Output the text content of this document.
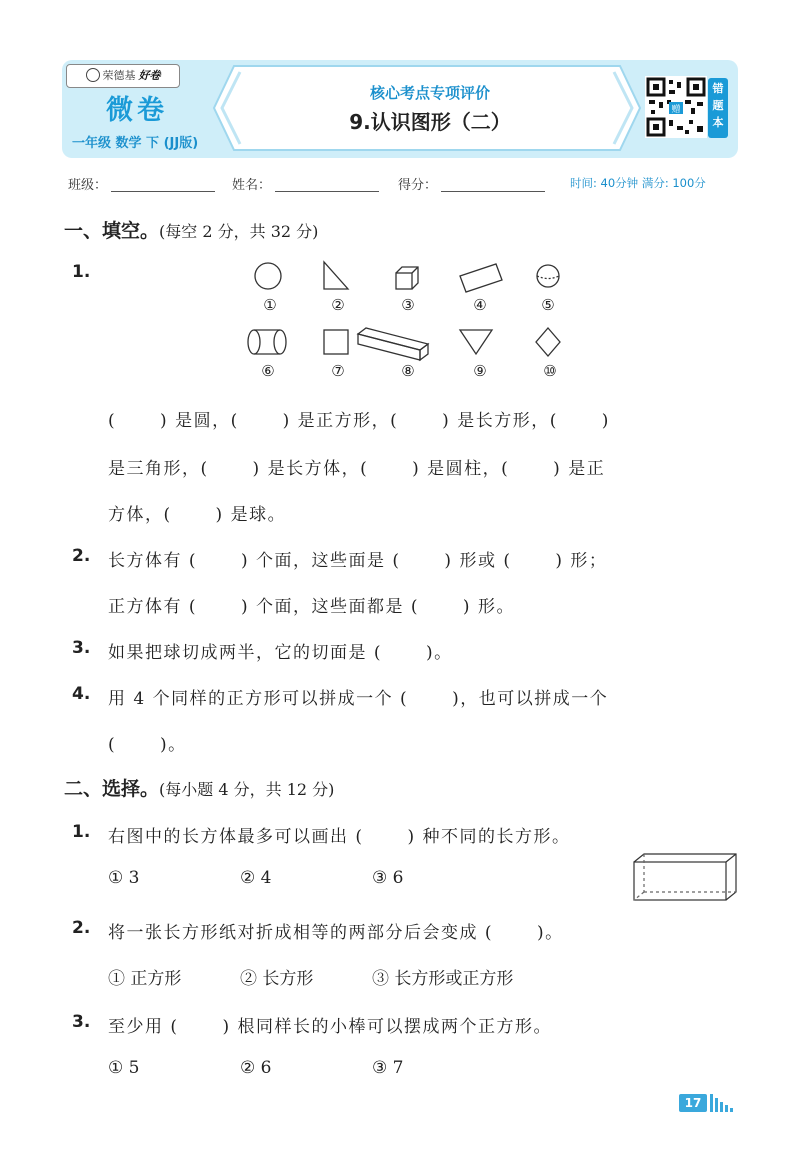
荣德基 好卷
微卷
一年级 数学 下 (JJ版)
核心考点专项评价
9.认识图形（二）	赠
错
题
本
班级：	姓名：	得分：	时间: 40分钟 满分: 100分
一、填空。(每空 2 分，共 32 分)
1.
①	②	③	④	⑤
⑥	⑦	⑧	⑨	⑩
(　　 ) 是圆，(　　 ) 是正方形，(　　 ) 是长方形，(　　 )
是三角形，(　　 ) 是长方体，(　　 ) 是圆柱，(　　 ) 是正
方体，(　　 ) 是球。
2. 长方体有 (　　 ) 个面，这些面是 (　　 ) 形或 (　　 ) 形；
正方体有 (　　 ) 个面，这些面都是 (　　 ) 形。
3. 如果把球切成两半，它的切面是 (　　 )。
4. 用 4 个同样的正方形可以拼成一个 (　　 )，也可以拼成一个
(　　 )。
二、选择。(每小题 4 分，共 12 分)
1. 右图中的长方体最多可以画出 (　　 ) 种不同的长方形。
① 3	② 4	③ 6
2. 将一张长方形纸对折成相等的两部分后会变成 (　　 )。
① 正方形	② 长方形	③ 长方形或正方形
3. 至少用 (　　 ) 根同样长的小棒可以摆成两个正方形。
① 5	② 6	③ 7
17
